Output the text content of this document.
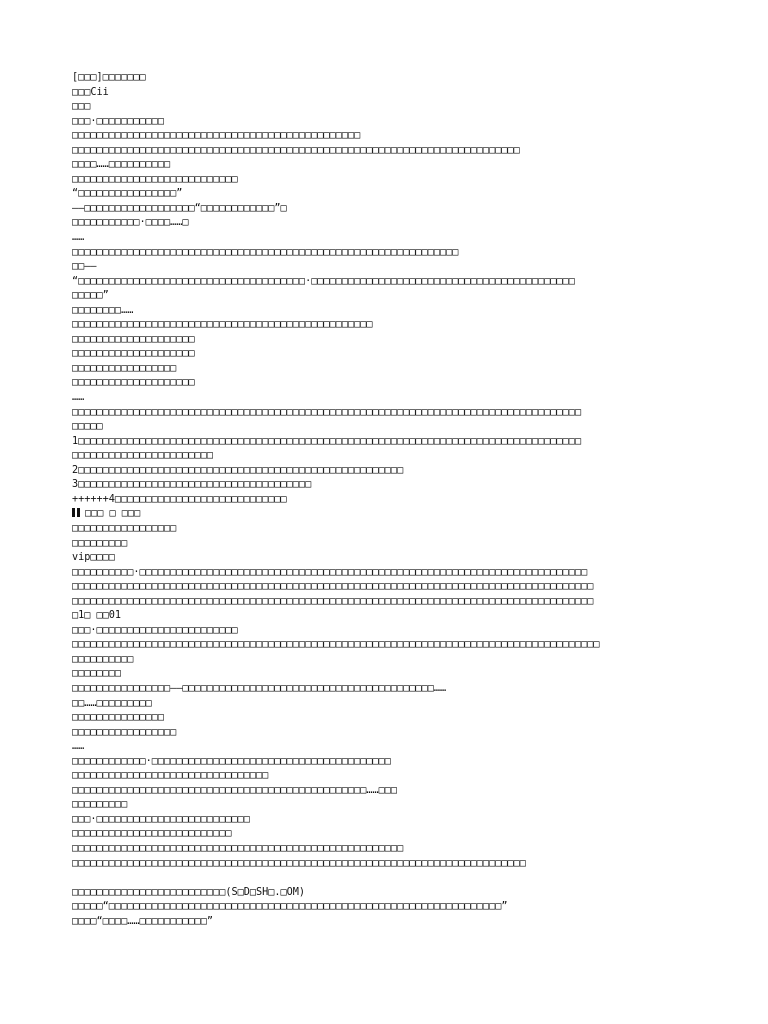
[□□□]□□□□□□□
□□□Cii
□□□
□□□·□□□□□□□□□□□
□□□□□□□□□□□□□□□□□□□□□□□□□□□□□□□□□□□□□□□□□□□□□□□
□□□□□□□□□□□□□□□□□□□□□□□□□□□□□□□□□□□□□□□□□□□□□□□□□□□□□□□□□□□□□□□□□□□□□□□□□
□□□□……□□□□□□□□□□
□□□□□□□□□□□□□□□□□□□□□□□□□□□
“□□□□□□□□□□□□□□□□”
——□□□□□□□□□□□□□□□□□□“□□□□□□□□□□□□”□
□□□□□□□□□□□·□□□□……□
……
□□□□□□□□□□□□□□□□□□□□□□□□□□□□□□□□□□□□□□□□□□□□□□□□□□□□□□□□□□□□□□□
□□——
“□□□□□□□□□□□□□□□□□□□□□□□□□□□□□□□□□□□□□·□□□□□□□□□□□□□□□□□□□□□□□□□□□□□□□□□□□□□□□□□□□
□□□□□”
□□□□□□□□……
□□□□□□□□□□□□□□□□□□□□□□□□□□□□□□□□□□□□□□□□□□□□□□□□□
□□□□□□□□□□□□□□□□□□□□
□□□□□□□□□□□□□□□□□□□□
□□□□□□□□□□□□□□□□□
□□□□□□□□□□□□□□□□□□□□
……
□□□□□□□□□□□□□□□□□□□□□□□□□□□□□□□□□□□□□□□□□□□□□□□□□□□□□□□□□□□□□□□□□□□□□□□□□□□□□□□□□□□
□□□□□
1□□□□□□□□□□□□□□□□□□□□□□□□□□□□□□□□□□□□□□□□□□□□□□□□□□□□□□□□□□□□□□□□□□□□□□□□□□□□□□□□□□
□□□□□□□□□□□□□□□□□□□□□□□
2□□□□□□□□□□□□□□□□□□□□□□□□□□□□□□□□□□□□□□□□□□□□□□□□□□□□□
3□□□□□□□□□□□□□□□□□□□□□□□□□□□□□□□□□□□□□□
++++++4□□□□□□□□□□□□□□□□□□□□□□□□□□□□
□□□ □ □□□
□□□□□□□□□□□□□□□□□
□□□□□□□□□
vip□□□□
□□□□□□□□□□·□□□□□□□□□□□□□□□□□□□□□□□□□□□□□□□□□□□□□□□□□□□□□□□□□□□□□□□□□□□□□□□□□□□□□□□□□
□□□□□□□□□□□□□□□□□□□□□□□□□□□□□□□□□□□□□□□□□□□□□□□□□□□□□□□□□□□□□□□□□□□□□□□□□□□□□□□□□□□□□
□□□□□□□□□□□□□□□□□□□□□□□□□□□□□□□□□□□□□□□□□□□□□□□□□□□□□□□□□□□□□□□□□□□□□□□□□□□□□□□□□□□□□
□1□ □□01
□□□·□□□□□□□□□□□□□□□□□□□□□□□
□□□□□□□□□□□□□□□□□□□□□□□□□□□□□□□□□□□□□□□□□□□□□□□□□□□□□□□□□□□□□□□□□□□□□□□□□□□□□□□□□□□□□□
□□□□□□□□□□
□□□□□□□□
□□□□□□□□□□□□□□□□——□□□□□□□□□□□□□□□□□□□□□□□□□□□□□□□□□□□□□□□□□……
□□……□□□□□□□□□
□□□□□□□□□□□□□□□
□□□□□□□□□□□□□□□□□
……
□□□□□□□□□□□□·□□□□□□□□□□□□□□□□□□□□□□□□□□□□□□□□□□□□□□□
□□□□□□□□□□□□□□□□□□□□□□□□□□□□□□□□
□□□□□□□□□□□□□□□□□□□□□□□□□□□□□□□□□□□□□□□□□□□□□□□□……□□□
□□□□□□□□□
□□□·□□□□□□□□□□□□□□□□□□□□□□□□□
□□□□□□□□□□□□□□□□□□□□□□□□□□
□□□□□□□□□□□□□□□□□□□□□□□□□□□□□□□□□□□□□□□□□□□□□□□□□□□□□□
□□□□□□□□□□□□□□□□□□□□□□□□□□□□□□□□□□□□□□□□□□□□□□□□□□□□□□□□□□□□□□□□□□□□□□□□□□
□□□□□□□□□□□□□□□□□□□□□□□□□(S□D□SH□.□OM)
□□□□□“□□□□□□□□□□□□□□□□□□□□□□□□□□□□□□□□□□□□□□□□□□□□□□□□□□□□□□□□□□□□□□□□”
□□□□“□□□□……□□□□□□□□□□□”
